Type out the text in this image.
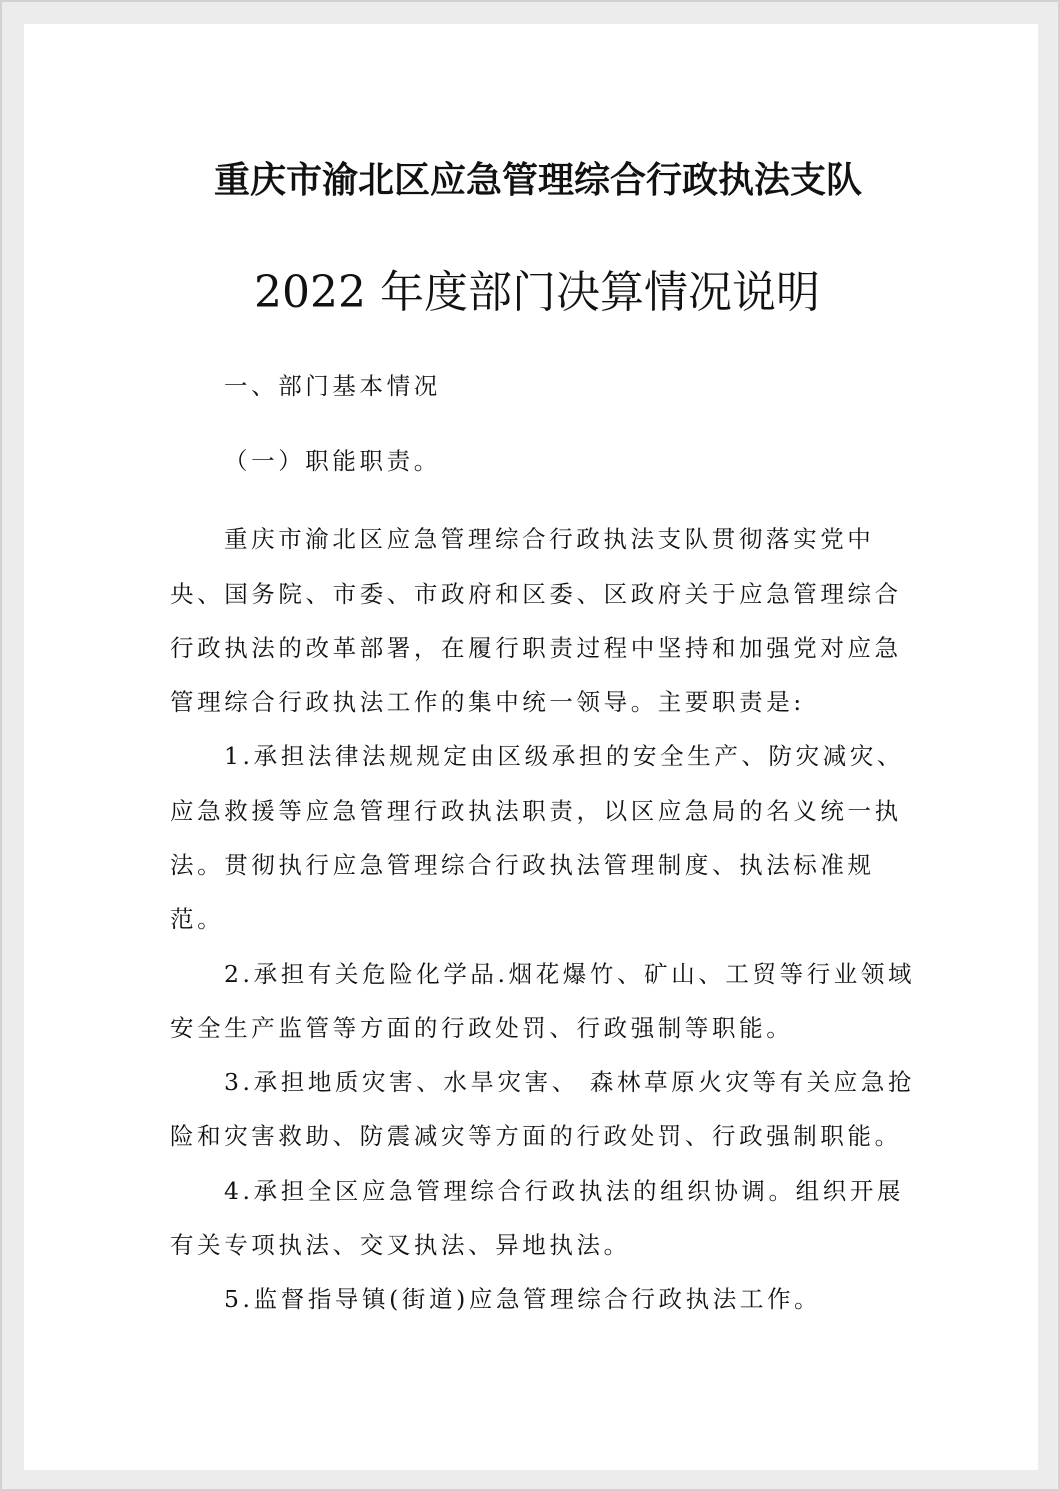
重庆市渝北区应急管理综合行政执法支队
2022 年度部门决算情况说明
一、部门基本情况
（一）职能职责。
重庆市渝北区应急管理综合行政执法支队贯彻落实党中
央、国务院、市委、市政府和区委、区政府关于应急管理综合
行政执法的改革部署，在履行职责过程中坚持和加强党对应急
管理综合行政执法工作的集中统一领导。主要职责是:
1.承担法律法规规定由区级承担的安全生产、防灾减灾、
应急救援等应急管理行政执法职责，以区应急局的名义统一执
法。贯彻执行应急管理综合行政执法管理制度、执法标准规
范。
2.承担有关危险化学品.烟花爆竹、矿山、工贸等行业领域
安全生产监管等方面的行政处罚、行政强制等职能。
3.承担地质灾害、水旱灾害、 森林草原火灾等有关应急抢
险和灾害救助、防震减灾等方面的行政处罚、行政强制职能。
4.承担全区应急管理综合行政执法的组织协调。组织开展
有关专项执法、交叉执法、异地执法。
5.监督指导镇(街道)应急管理综合行政执法工作。
